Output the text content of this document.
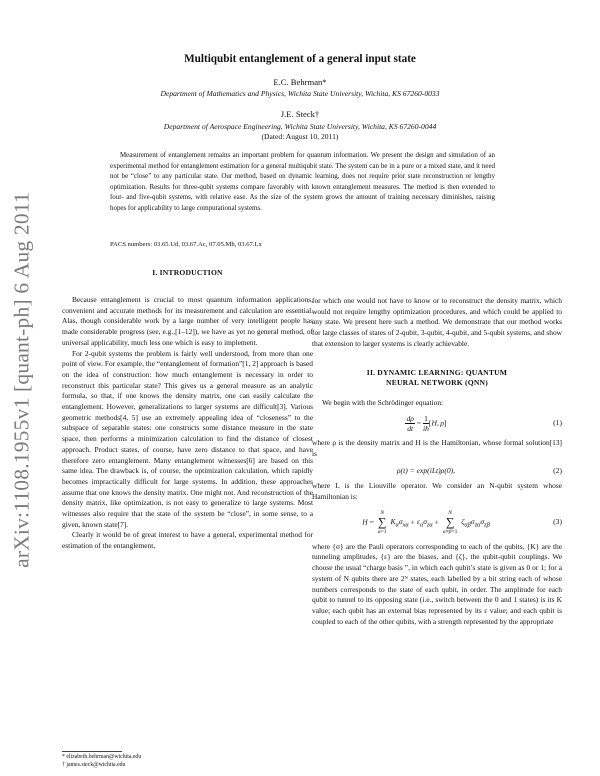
arXiv:1108.1955v1 [quant-ph] 6 Aug 2011
Multiqubit entanglement of a general input state
E.C. Behrman*
Department of Mathematics and Physics, Wichita State University, Wichita, KS 67260-0033
J.E. Steck†
Department of Aerospace Engineering, Wichita State University, Wichita, KS 67260-0044
(Dated: August 10, 2011)
Measurement of entanglement remains an important problem for quantum information. We present the design and simulation of an experimental method for entanglement estimation for a general multiqubit state. The system can be in a pure or a mixed state, and it need not be “close” to any particular state. Our method, based on dynamic learning, does not require prior state reconstruction or lengthy optimization. Results for three-qubit systems compare favorably with known entanglement measures. The method is then extended to four- and five-qubit systems, with relative ease. As the size of the system grows the amount of training necessary diminishes, raising hopes for applicability to large computational systems.
PACS numbers: 03.65.Ud, 03.67.Ac, 07.05.Mh, 03.67.Lx
I. INTRODUCTION

Because entanglement is crucial to most quantum information applications, convenient and accurate methods for its measurement and calculation are essential. Alas, though considerable work by a large number of very intelligent people has made considerable progress (see, e.g.,[1–12]), we have as yet no general method, of universal applicability, much less one which is easy to implement.

For 2-qubit systems the problem is fairly well understood, from more than one point of view. For example, the “entanglement of formation”[1, 2] approach is based on the idea of construction: how much entanglement is necessary in order to reconstruct this particular state? This gives us a general measure as an analytic formula, so that, if one knows the density matrix, one can easily calculate the entanglement. However, generalizations to larger systems are difficult[3]. Various geometric methods[4, 5] use an extremely appealing idea of “closeness” to the subspace of separable states: one constructs some distance measure in the state space, then performs a minimization calculation to find the distance of closest approach. Product states, of course, have zero distance to that space, and have therefore zero entanglement. Many entanglement witnesses[6] are based on this same idea. The drawback is, of course, the optimization calculation, which rapidly becomes impractically difficult for large systems. In addition, these approaches assume that one knows the density matrix. One might not. And reconstruction of the density matrix, like optimization, is not easy to generalize to large systems. Most witnesses also require that the state of the system be “close”, in some sense, to a given, known state[7].

Clearly it would be of great interest to have a general, experimental method for estimation of the entanglement,

* elizabeth.behrman@wichita.edu
† james.steck@wichita.edu

for which one would not have to know or to reconstruct the density matrix, which would not require lengthy optimization procedures, and which could be applied to any state. We present here such a method. We demonstrate that our method works for large classes of states of 2-qubit, 3-qubit, 4-qubit, and 5-qubit systems, and show that extension to larger systems is clearly achievable.

II. DYNAMIC LEARNING: QUANTUM
NEURAL NETWORK (QNN)

We begin with the Schrödinger equation:

$\frac{d\rho}{dt} = \frac{1}{iħ} [H$, ρ]	(1)

where ρ is the density matrix and H is the Hamiltonian, whose formal solution[13] is

ρ(t) = exp(iLt)ρ(0),	(2)

where L is the Liouville operator. We consider an N-qubit system whose Hamiltonian is:

H =
N
∑
α=1
$K_\alpha\sigma_{x\alpha} + \varepsilon_\alpha\sigma_{z\alpha}$ +
N
∑
α≠β=1
$\zeta_{\alpha\beta}\sigma_{z\alpha}\sigma_{z\beta}$	(3)

where {σ} are the Pauli operators corresponding to each of the qubits, {K} are the tunneling amplitudes, {ε} are the biases, and {ζ}, the qubit-qubit couplings. We choose the usual “charge basis ”, in which each qubit’s state is given as 0 or 1; for a system of N qubits there are 2ᴺ states, each labelled by a bit string each of whose numbers corresponds to the state of each qubit, in order. The amplitude for each qubit to tunnel to its opposing state (i.e., switch between the 0 and 1 states) is its K value; each qubit has an external bias represented by its ε value; and each qubit is coupled to each of the other qubits, with a strength represented by the appropriate
